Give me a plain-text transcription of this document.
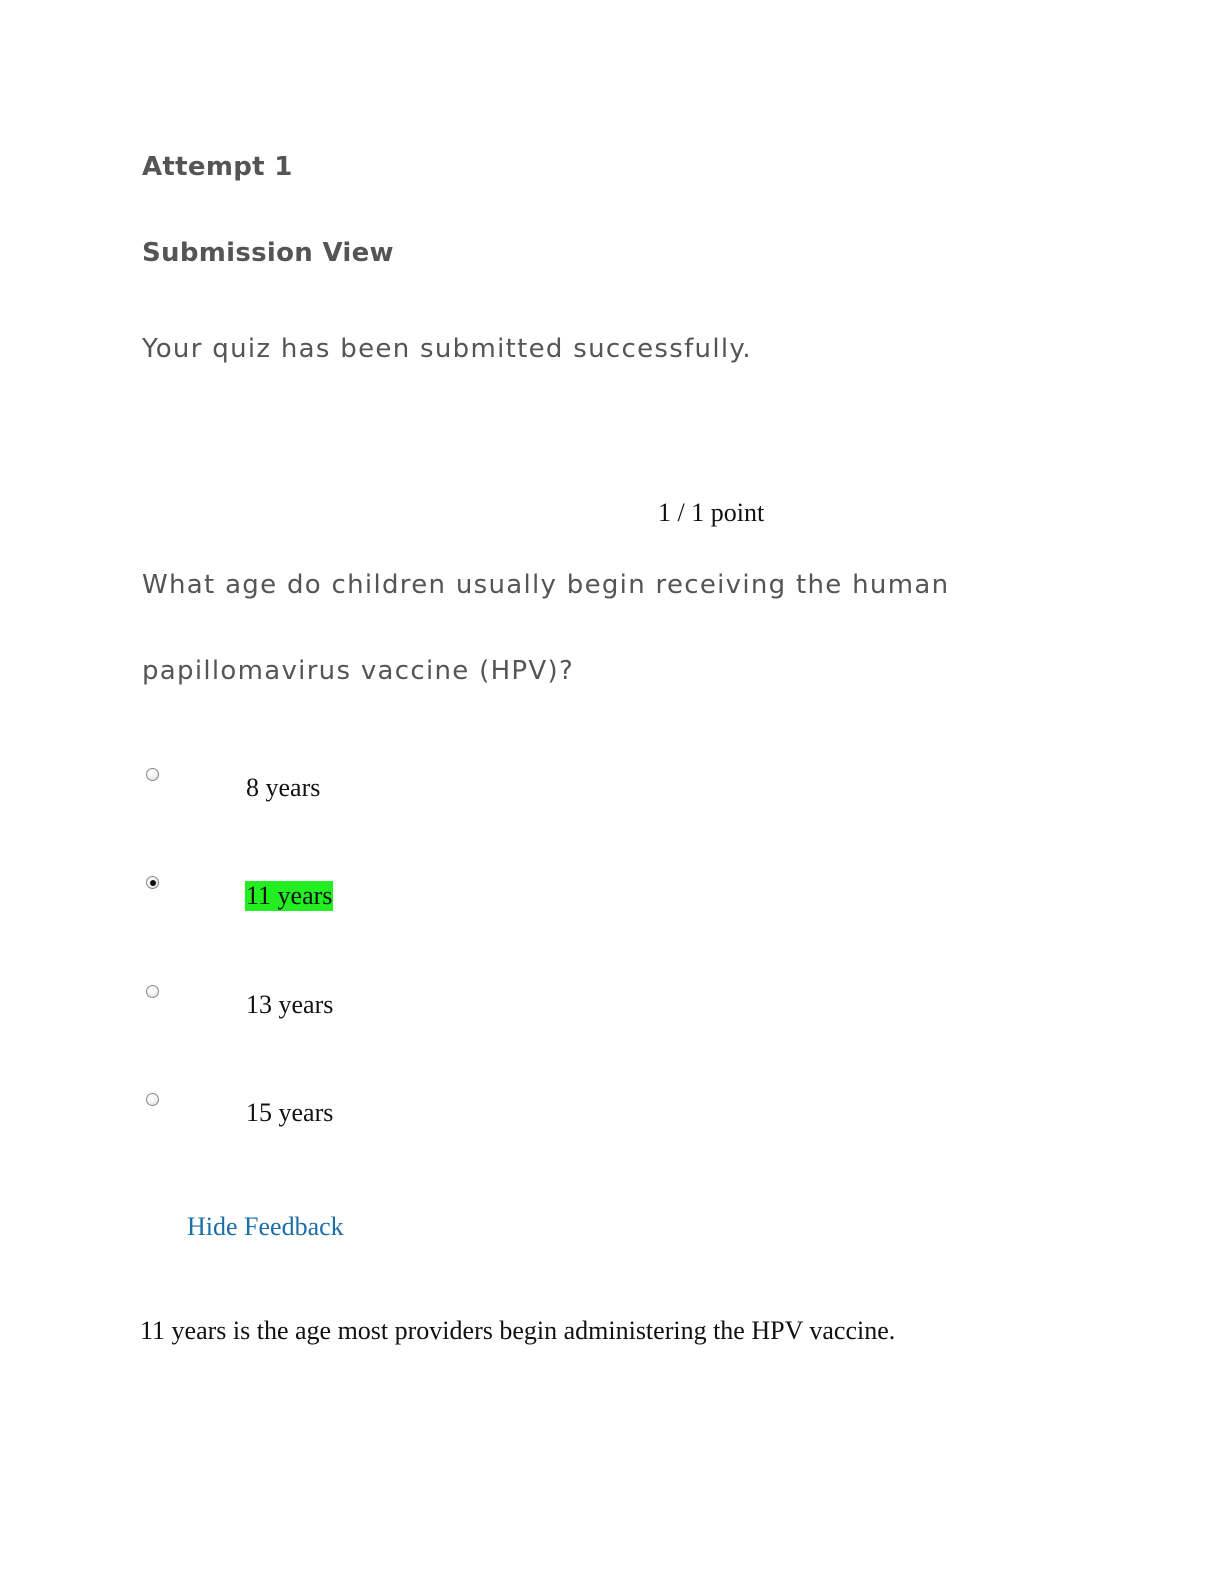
Attempt 1
Submission View
Your quiz has been submitted successfully.
1 / 1 point
What age do children usually begin receiving the human
papillomavirus vaccine (HPV)?
8 years
11 years
13 years
15 years
Hide Feedback
11 years is the age most providers begin administering the HPV vaccine.
